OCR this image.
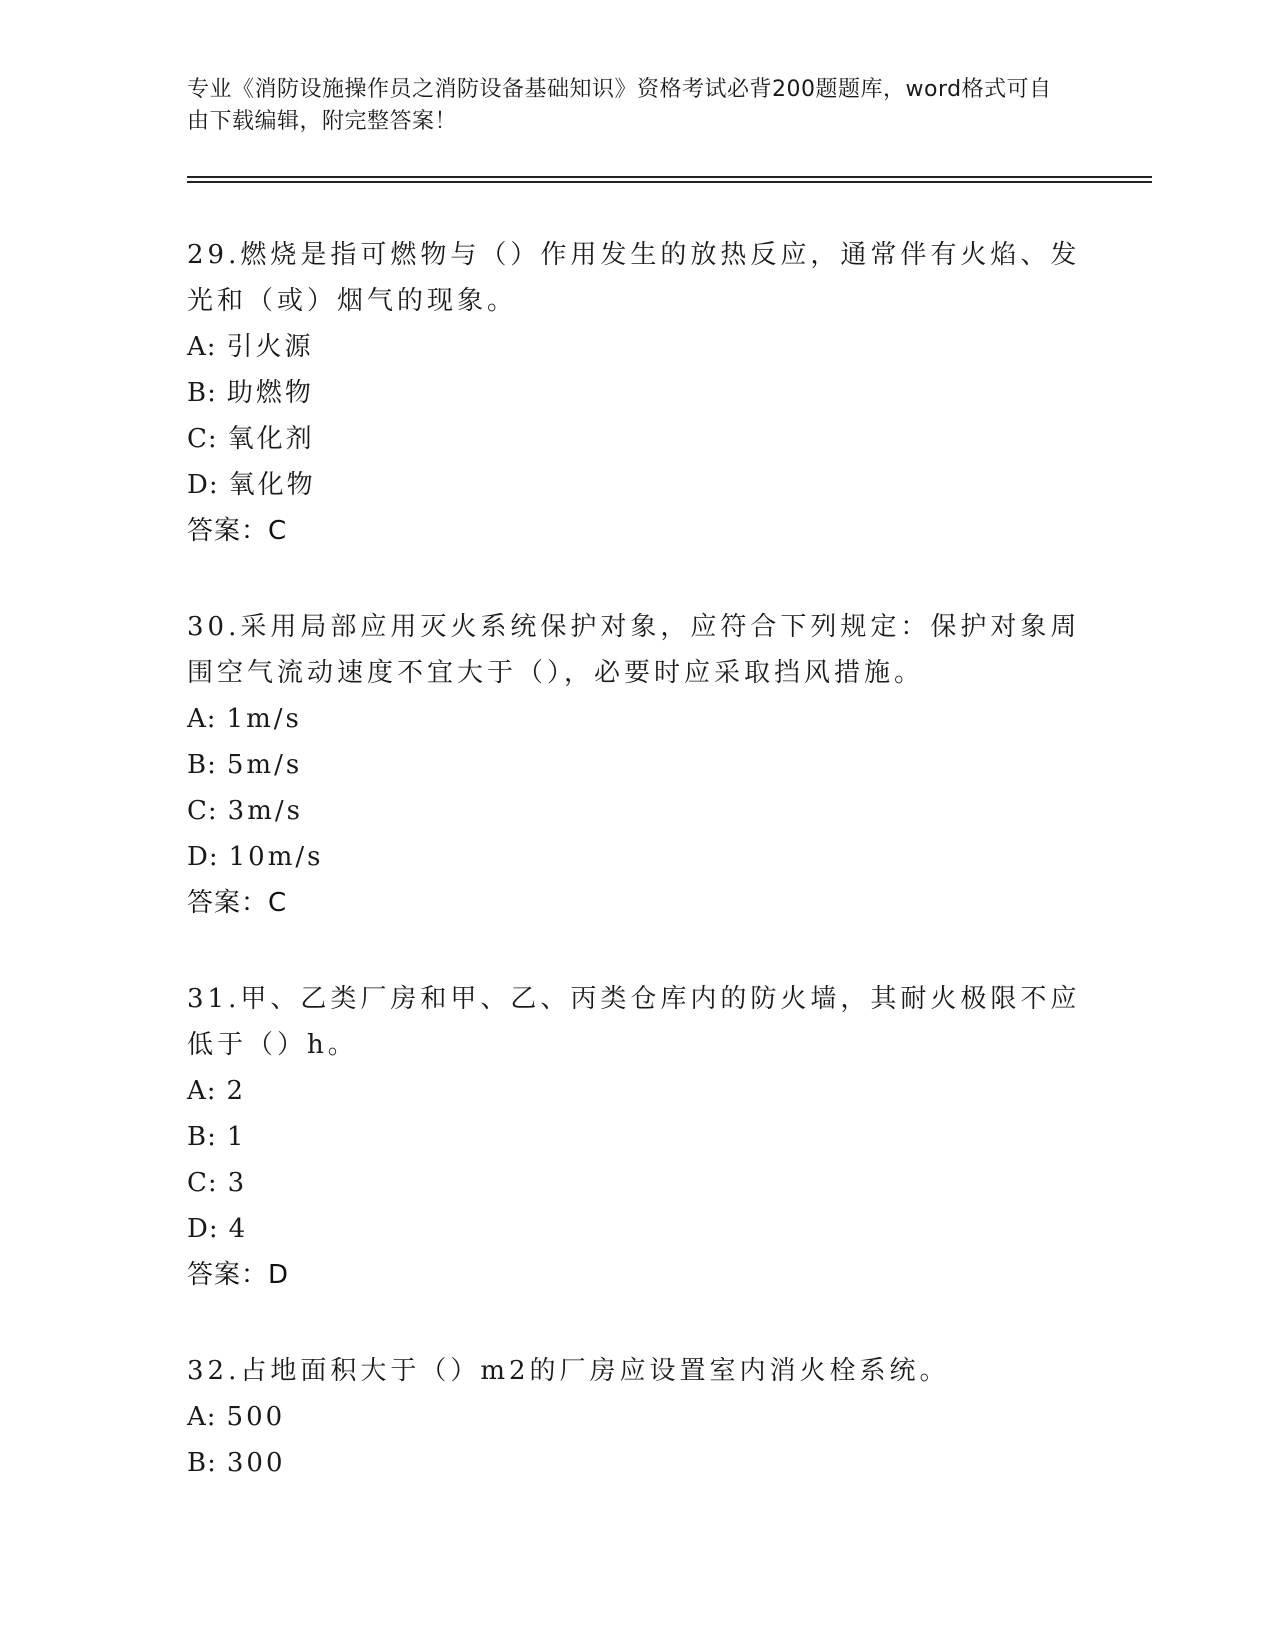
专业《消防设施操作员之消防设备基础知识》资格考试必背200题题库，word格式可自由下载编辑，附完整答案！
29.燃烧是指可燃物与（）作用发生的放热反应，通常伴有火焰、发光和（或）烟气的现象。
A: 引火源
B: 助燃物
C: 氧化剂
D: 氧化物
答案：C
30.采用局部应用灭火系统保护对象，应符合下列规定：保护对象周围空气流动速度不宜大于（），必要时应采取挡风措施。
A: 1m/s
B: 5m/s
C: 3m/s
D: 10m/s
答案：C
31.甲、乙类厂房和甲、乙、丙类仓库内的防火墙，其耐火极限不应低于（）h。
A: 2
B: 1
C: 3
D: 4
答案：D
32.占地面积大于（）m2的厂房应设置室内消火栓系统。
A: 500
B: 300
